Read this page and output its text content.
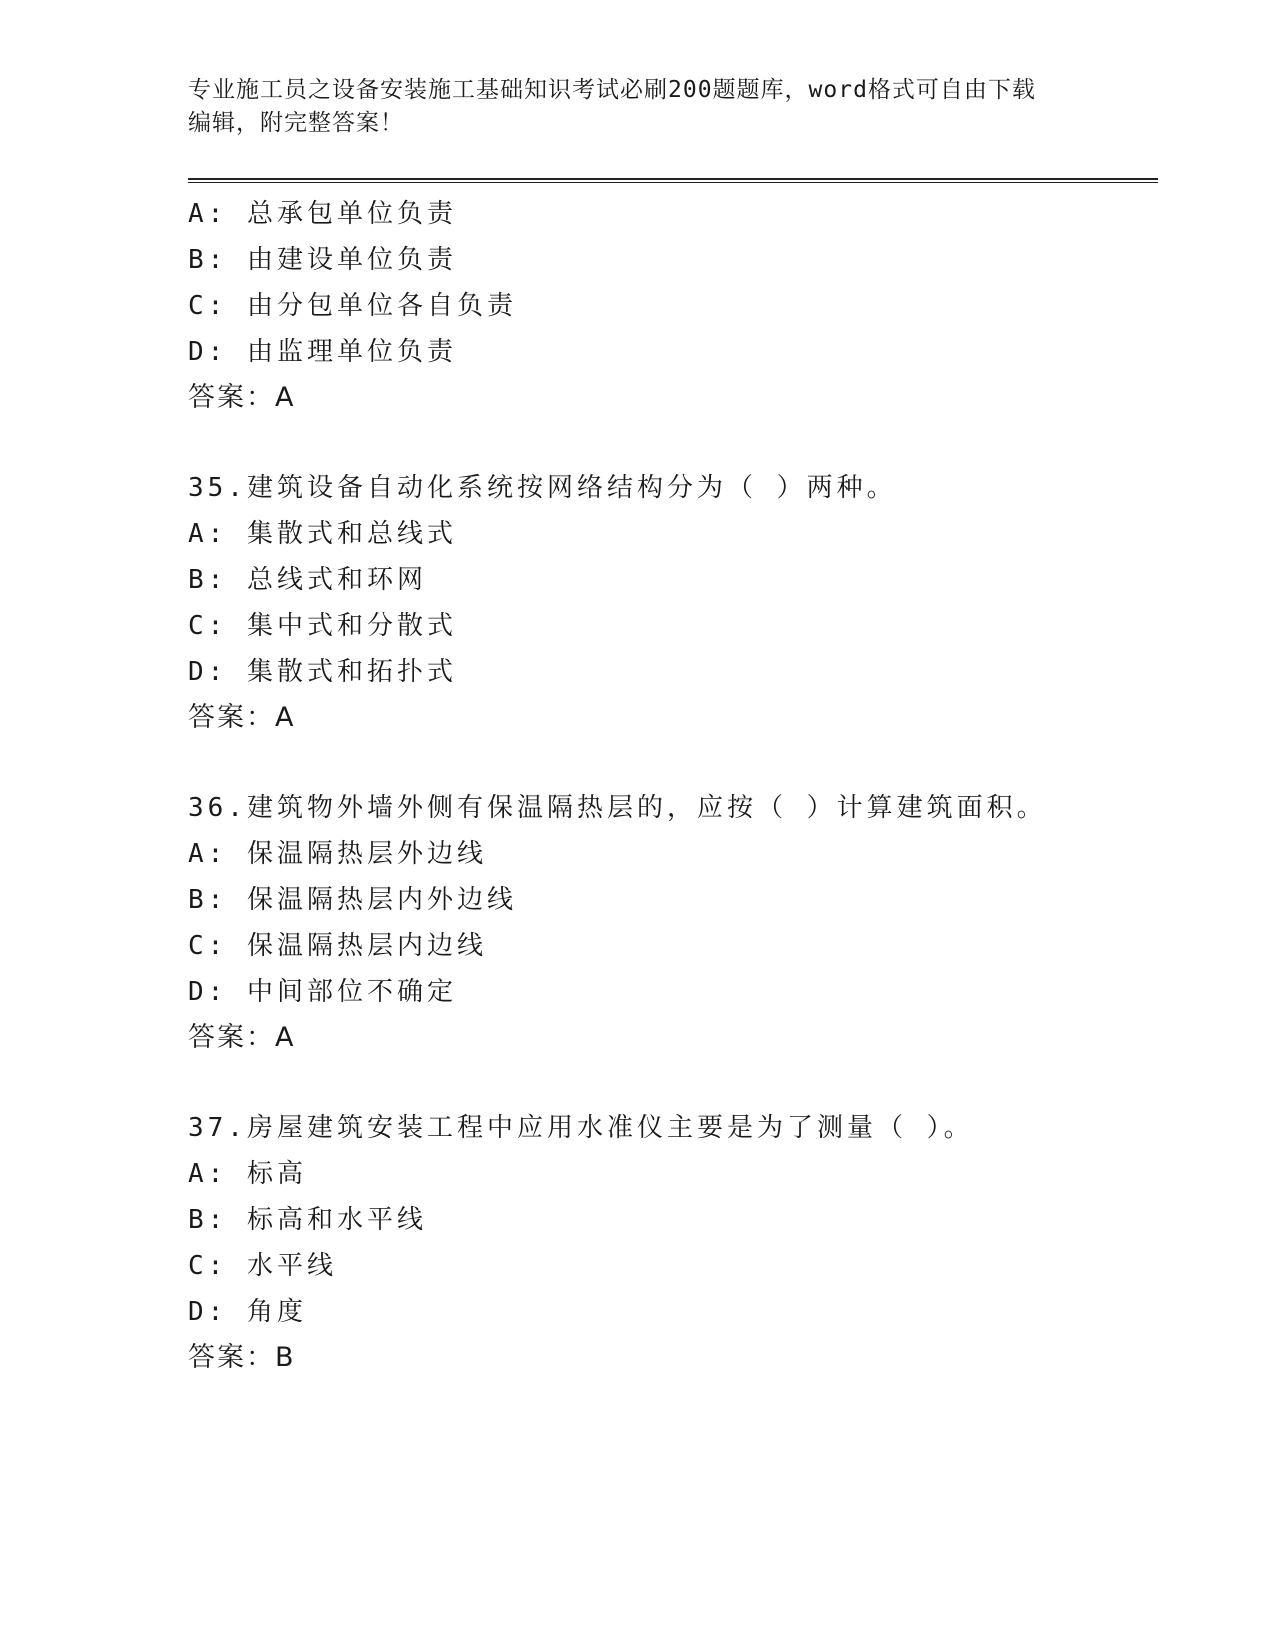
专业施工员之设备安装施工基础知识考试必刷200题题库，word格式可自由下载
编辑，附完整答案！
A: 总承包单位负责
B: 由建设单位负责
C: 由分包单位各自负责
D: 由监理单位负责
答案：A
35.建筑设备自动化系统按网络结构分为（ ）两种。
A: 集散式和总线式
B: 总线式和环网
C: 集中式和分散式
D: 集散式和拓扑式
答案：A
36.建筑物外墙外侧有保温隔热层的，应按（ ）计算建筑面积。
A: 保温隔热层外边线
B: 保温隔热层内外边线
C: 保温隔热层内边线
D: 中间部位不确定
答案：A
37.房屋建筑安装工程中应用水准仪主要是为了测量（ ）。
A: 标高
B: 标高和水平线
C: 水平线
D: 角度
答案：B
